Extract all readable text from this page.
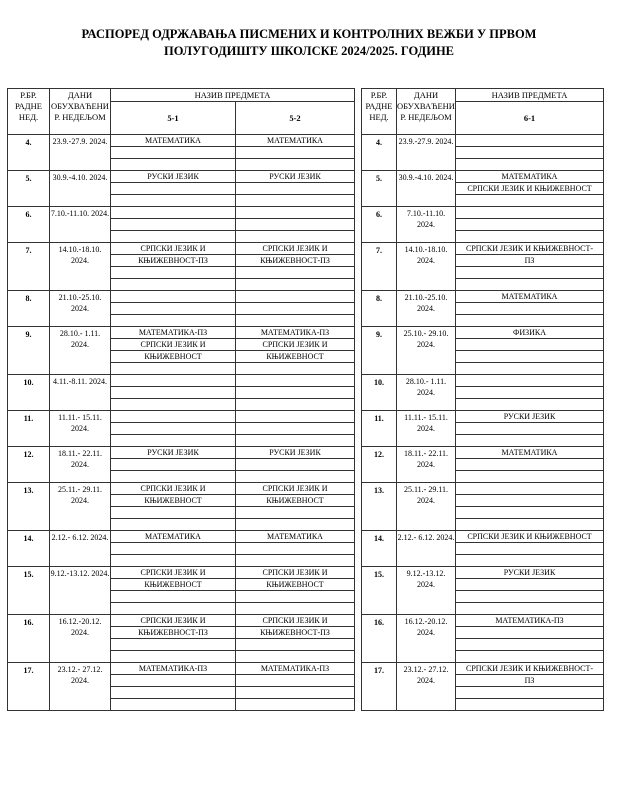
РАСПОРЕД ОДРЖАВАЊА ПИСМЕНИХ И КОНТРОЛНИХ ВЕЖБИ У ПРВОМ
ПОЛУГОДИШТУ ШКОЛСКЕ 2024/2025. ГОДИНЕ
Р.БР. РАДНЕ НЕД.	ДАНИ ОБУХВАЋЕНИ Р. НЕДЕЉОМ	НАЗИВ ПРЕДМЕТА	
		5-1	5-2
4.	23.9.-27.9. 2024.	МАТЕМАТИКА	МАТЕМАТИКА

5.	30.9.-4.10. 2024.	РУСКИ ЈЕЗИК	РУСКИ ЈЕЗИК

6.	7.10.-11.10. 2024.		

7.	14.10.-18.10. 2024.	СРПСКИ ЈЕЗИК И	СРПСКИ ЈЕЗИК И
		КЊИЖЕВНОСТ-ПЗ	КЊИЖЕВНОСТ-ПЗ

8.	21.10.-25.10. 2024.		

9.	28.10.- 1.11. 2024.	МАТЕМАТИКА-ПЗ	МАТЕМАТИКА-ПЗ
		СРПСКИ ЈЕЗИК И	СРПСКИ ЈЕЗИК И
		КЊИЖЕВНОСТ	КЊИЖЕВНОСТ

10.	4.11.-8.11. 2024.		

11.	11.11.- 15.11. 2024.		

12.	18.11.- 22.11. 2024.	РУСКИ ЈЕЗИК	РУСКИ ЈЕЗИК

13.	25.11.- 29.11. 2024.	СРПСКИ ЈЕЗИК И	СРПСКИ ЈЕЗИК И
		КЊИЖЕВНОСТ	КЊИЖЕВНОСТ

14.	2.12.- 6.12. 2024.	МАТЕМАТИКА	МАТЕМАТИКА

15.	9.12.-13.12. 2024.	СРПСКИ ЈЕЗИК И	СРПСКИ ЈЕЗИК И
		КЊИЖЕВНОСТ	КЊИЖЕВНОСТ

16.	16.12.-20.12. 2024.	СРПСКИ ЈЕЗИК И	СРПСКИ ЈЕЗИК И
		КЊИЖЕВНОСТ-ПЗ	КЊИЖЕВНОСТ-ПЗ

17.	23.12.- 27.12. 2024.	МАТЕМАТИКА-ПЗ	МАТЕМАТИКА-ПЗ

Р.БР. РАДНЕ НЕД.	ДАНИ ОБУХВАЋЕНИ Р. НЕДЕЉОМ	НАЗИВ ПРЕДМЕТА
		6-1
4.	23.9.-27.9. 2024.	

5.	30.9.-4.10. 2024.	МАТЕМАТИКА
		СРПСКИ ЈЕЗИК И КЊИЖЕВНОСТ

6.	7.10.-11.10. 2024.	

7.	14.10.-18.10. 2024.	СРПСКИ ЈЕЗИК И КЊИЖЕВНОСТ-
		ПЗ

8.	21.10.-25.10. 2024.	МАТЕМАТИКА

9.	25.10.- 29.10. 2024.	ФИЗИКА

10.	28.10.- 1.11. 2024.	

11.	11.11.- 15.11. 2024.	РУСКИ ЈЕЗИК

12.	18.11.- 22.11. 2024.	МАТЕМАТИКА

13.	25.11.- 29.11. 2024.	

14.	2.12.- 6.12. 2024.	СРПСКИ ЈЕЗИК И КЊИЖЕВНОСТ

15.	9.12.-13.12. 2024.	РУСКИ ЈЕЗИК

16.	16.12.-20.12. 2024.	МАТЕМАТИКА-ПЗ

17.	23.12.- 27.12. 2024.	СРПСКИ ЈЕЗИК И КЊИЖЕВНОСТ-
		ПЗ
